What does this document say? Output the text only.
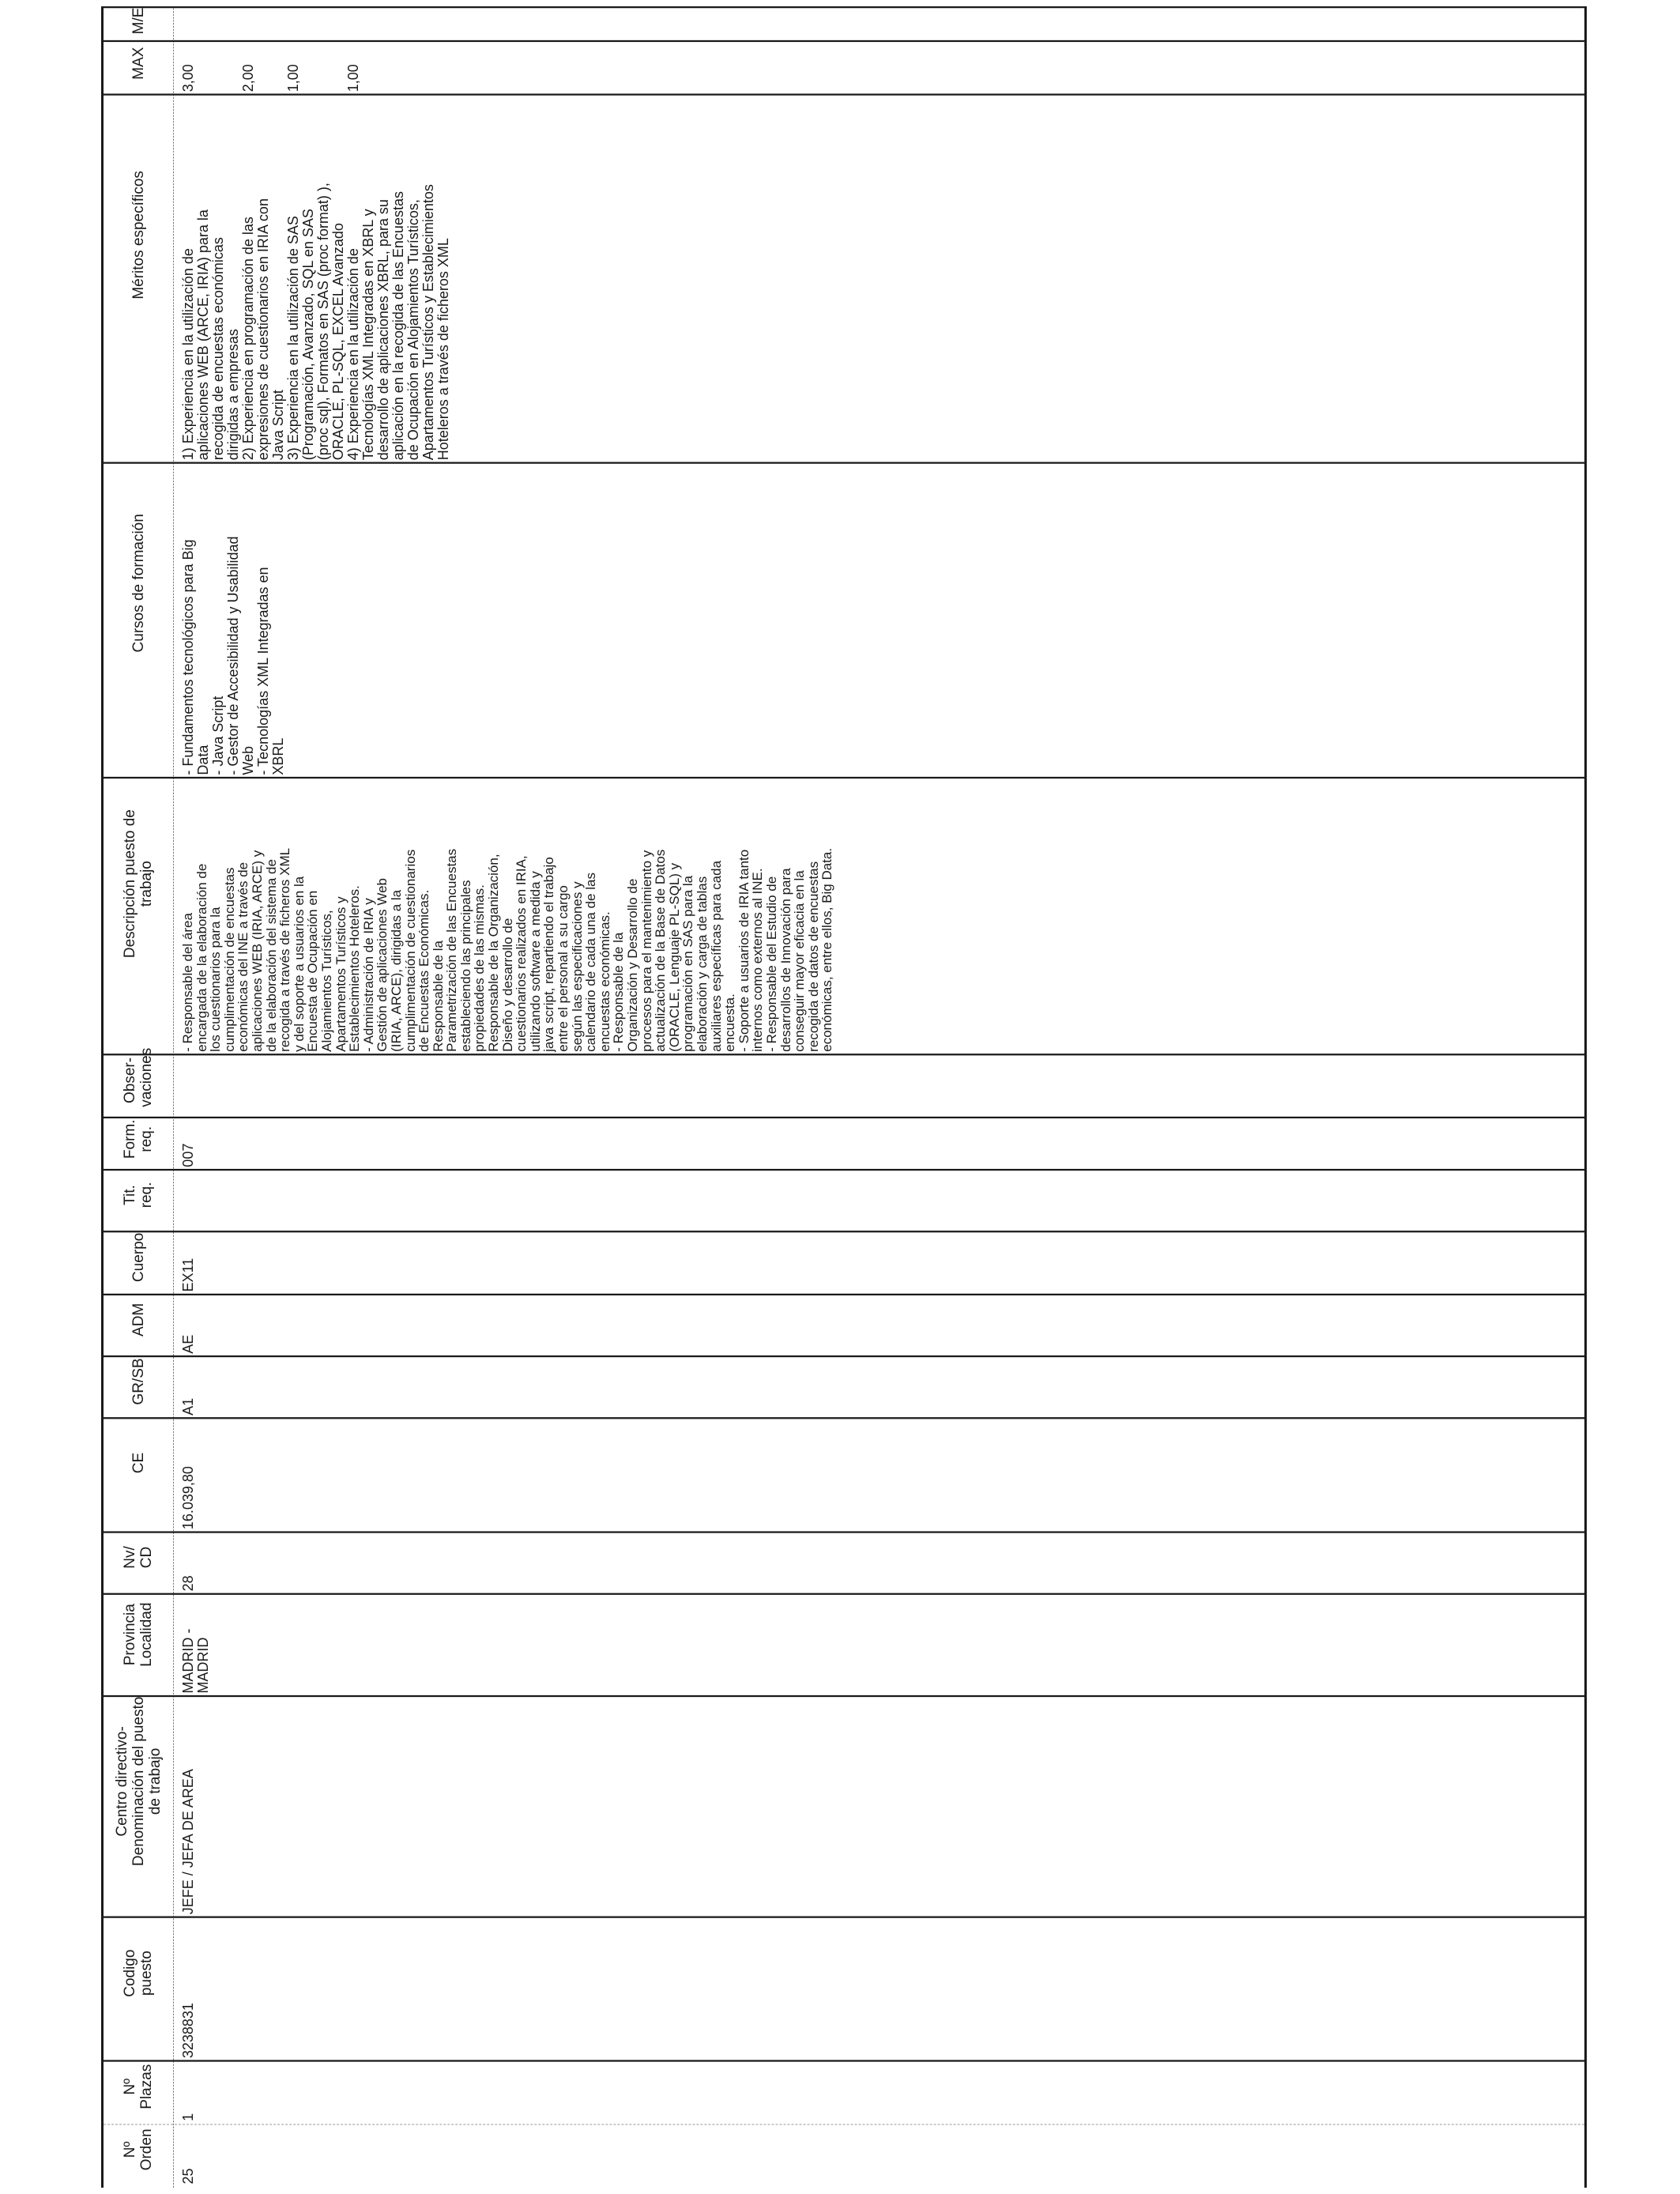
Nº
Orden
Nº
Plazas
Codigo
puesto
Centro directivo-
Denominación del puesto
de trabajo
Provincia
Localidad
Nv/
CD
CE
GR/SB
ADM
Cuerpo
Tit.
req.
Form.
req.
Obser-
vaciones
Descripción puesto de
trabajo
Cursos de formación
Méritos específicos
MAX
M/E
25
1
3238831
JEFE / JEFA DE AREA
MADRID -
MADRID
28
16.039,80
A1
AE
EX11
007
- Responsable del área
encargada de la elaboración de
los cuestionarios para la
cumplimentación de encuestas
económicas del INE a través de
aplicaciones WEB (IRIA, ARCE) y
de la elaboración del sistema de
recogida a través de ficheros XML
y del soporte a usuarios en la
Encuesta de Ocupación en
Alojamientos Turísticos,
Apartamentos Turísticos y
Establecimientos Hoteleros.
- Administración de IRIA y
Gestión de aplicaciones Web
(IRIA, ARCE), dirigidas a la
cumplimentación de cuestionarios
de Encuestas Económicas.
Responsable de la
Parametrización de las Encuestas
estableciendo las principales
propiedades de las mismas.
Responsable de la Organización,
Diseño y desarrollo de
cuestionarios realizados en IRIA,
utilizando software a medida y
java script, repartiendo el trabajo
entre el personal a su cargo
según las especificaciones y
calendario de cada una de las
encuestas económicas.
- Responsable de la
Organización y Desarrollo de
procesos para el mantenimiento y
actualización de la Base de Datos
(ORACLE, Lenguaje PL-SQL) y
programación en SAS para la
elaboración y carga de tablas
auxiliares específicas para cada
encuesta.
- Soporte a usuarios de IRIA tanto
internos como externos al INE.
- Responsable del Estudio de
desarrollos de Innovación para
conseguir mayor eficacia en la
recogida de datos de encuestas
económicas, entre ellos, Big Data.
- Fundamentos tecnológicos para Big
Data
- Java Script
- Gestor de Accesibilidad y Usabilidad
Web
- Tecnologías XML Integradas en
XBRL
1) Experiencia en la utilización de
aplicaciones WEB (ARCE, IRIA) para la
recogida de encuestas económicas
dirigidas a empresas
2) Experiencia en programación de las
expresiones de cuestionarios en IRIA con
Java Script
3) Experiencia en la utilización de SAS
(Programación, Avanzado, SQL en SAS
(proc sql), Formatos en SAS (proc format) ),
ORACLE, PL-SQL, EXCEL Avanzado
4) Experiencia en la utilización de
Tecnologías XML Integradas en XBRL y
desarrollo de aplicaciones XBRL, para su
aplicación en la recogida de las Encuestas
de Ocupación en Alojamientos Turísticos,
Apartamentos Turísticos y Establecimientos
Hoteleros a través de ficheros XML
3,00	2,00 1,00	1,00
